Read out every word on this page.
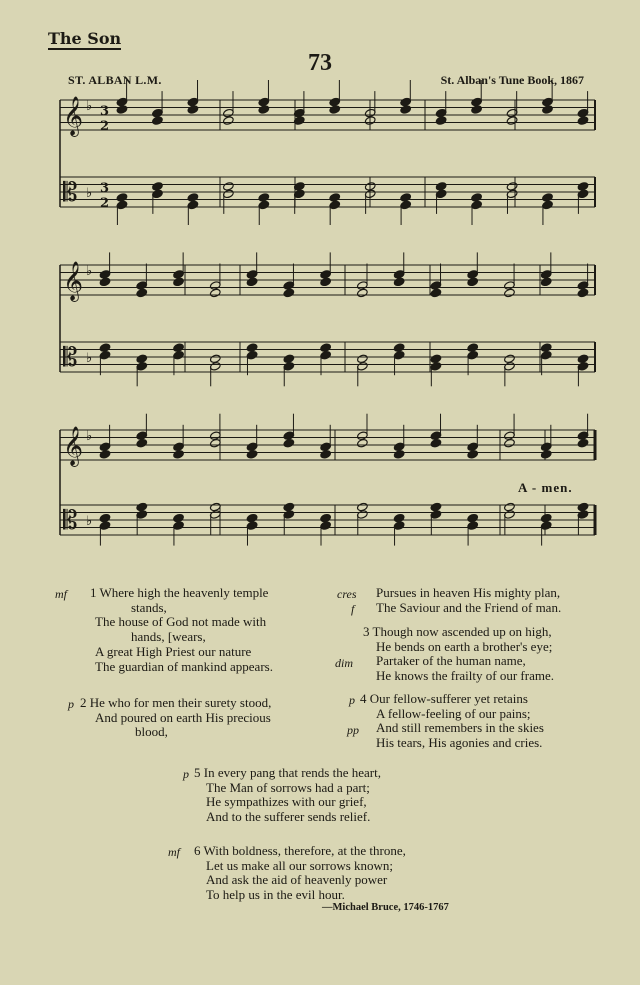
The Son
73
ST. ALBAN L.M.	St. Alban's Tune Book, 1867
𝄞 ♭ 3
2
𝄡 ♭ 3
2
𝄞 ♭
𝄡 ♭
𝄞 ♭
𝄡 ♭
A - men.
mf	1 Where high the heavenly temple
stands,
The house of God not made with
hands, [wears,
A great High Priest our nature
The guardian of mankind appears.
p 2 He who for men their surety stood,
And poured on earth His precious
blood,
cres
f
Pursues in heaven His mighty plan,
The Saviour and the Friend of man.
dim
3 Though now ascended up on high,
He bends on earth a brother's eye;
Partaker of the human name,
He knows the frailty of our frame.
p
pp
4 Our fellow-sufferer yet retains
A fellow-feeling of our pains;
And still remembers in the skies
His tears, His agonies and cries.
p 5 In every pang that rends the heart,
The Man of sorrows had a part;
He sympathizes with our grief,
And to the sufferer sends relief.
mf	6 With boldness, therefore, at the throne,
Let us make all our sorrows known;
And ask the aid of heavenly power
To help us in the evil hour.
—Michael Bruce, 1746-1767
